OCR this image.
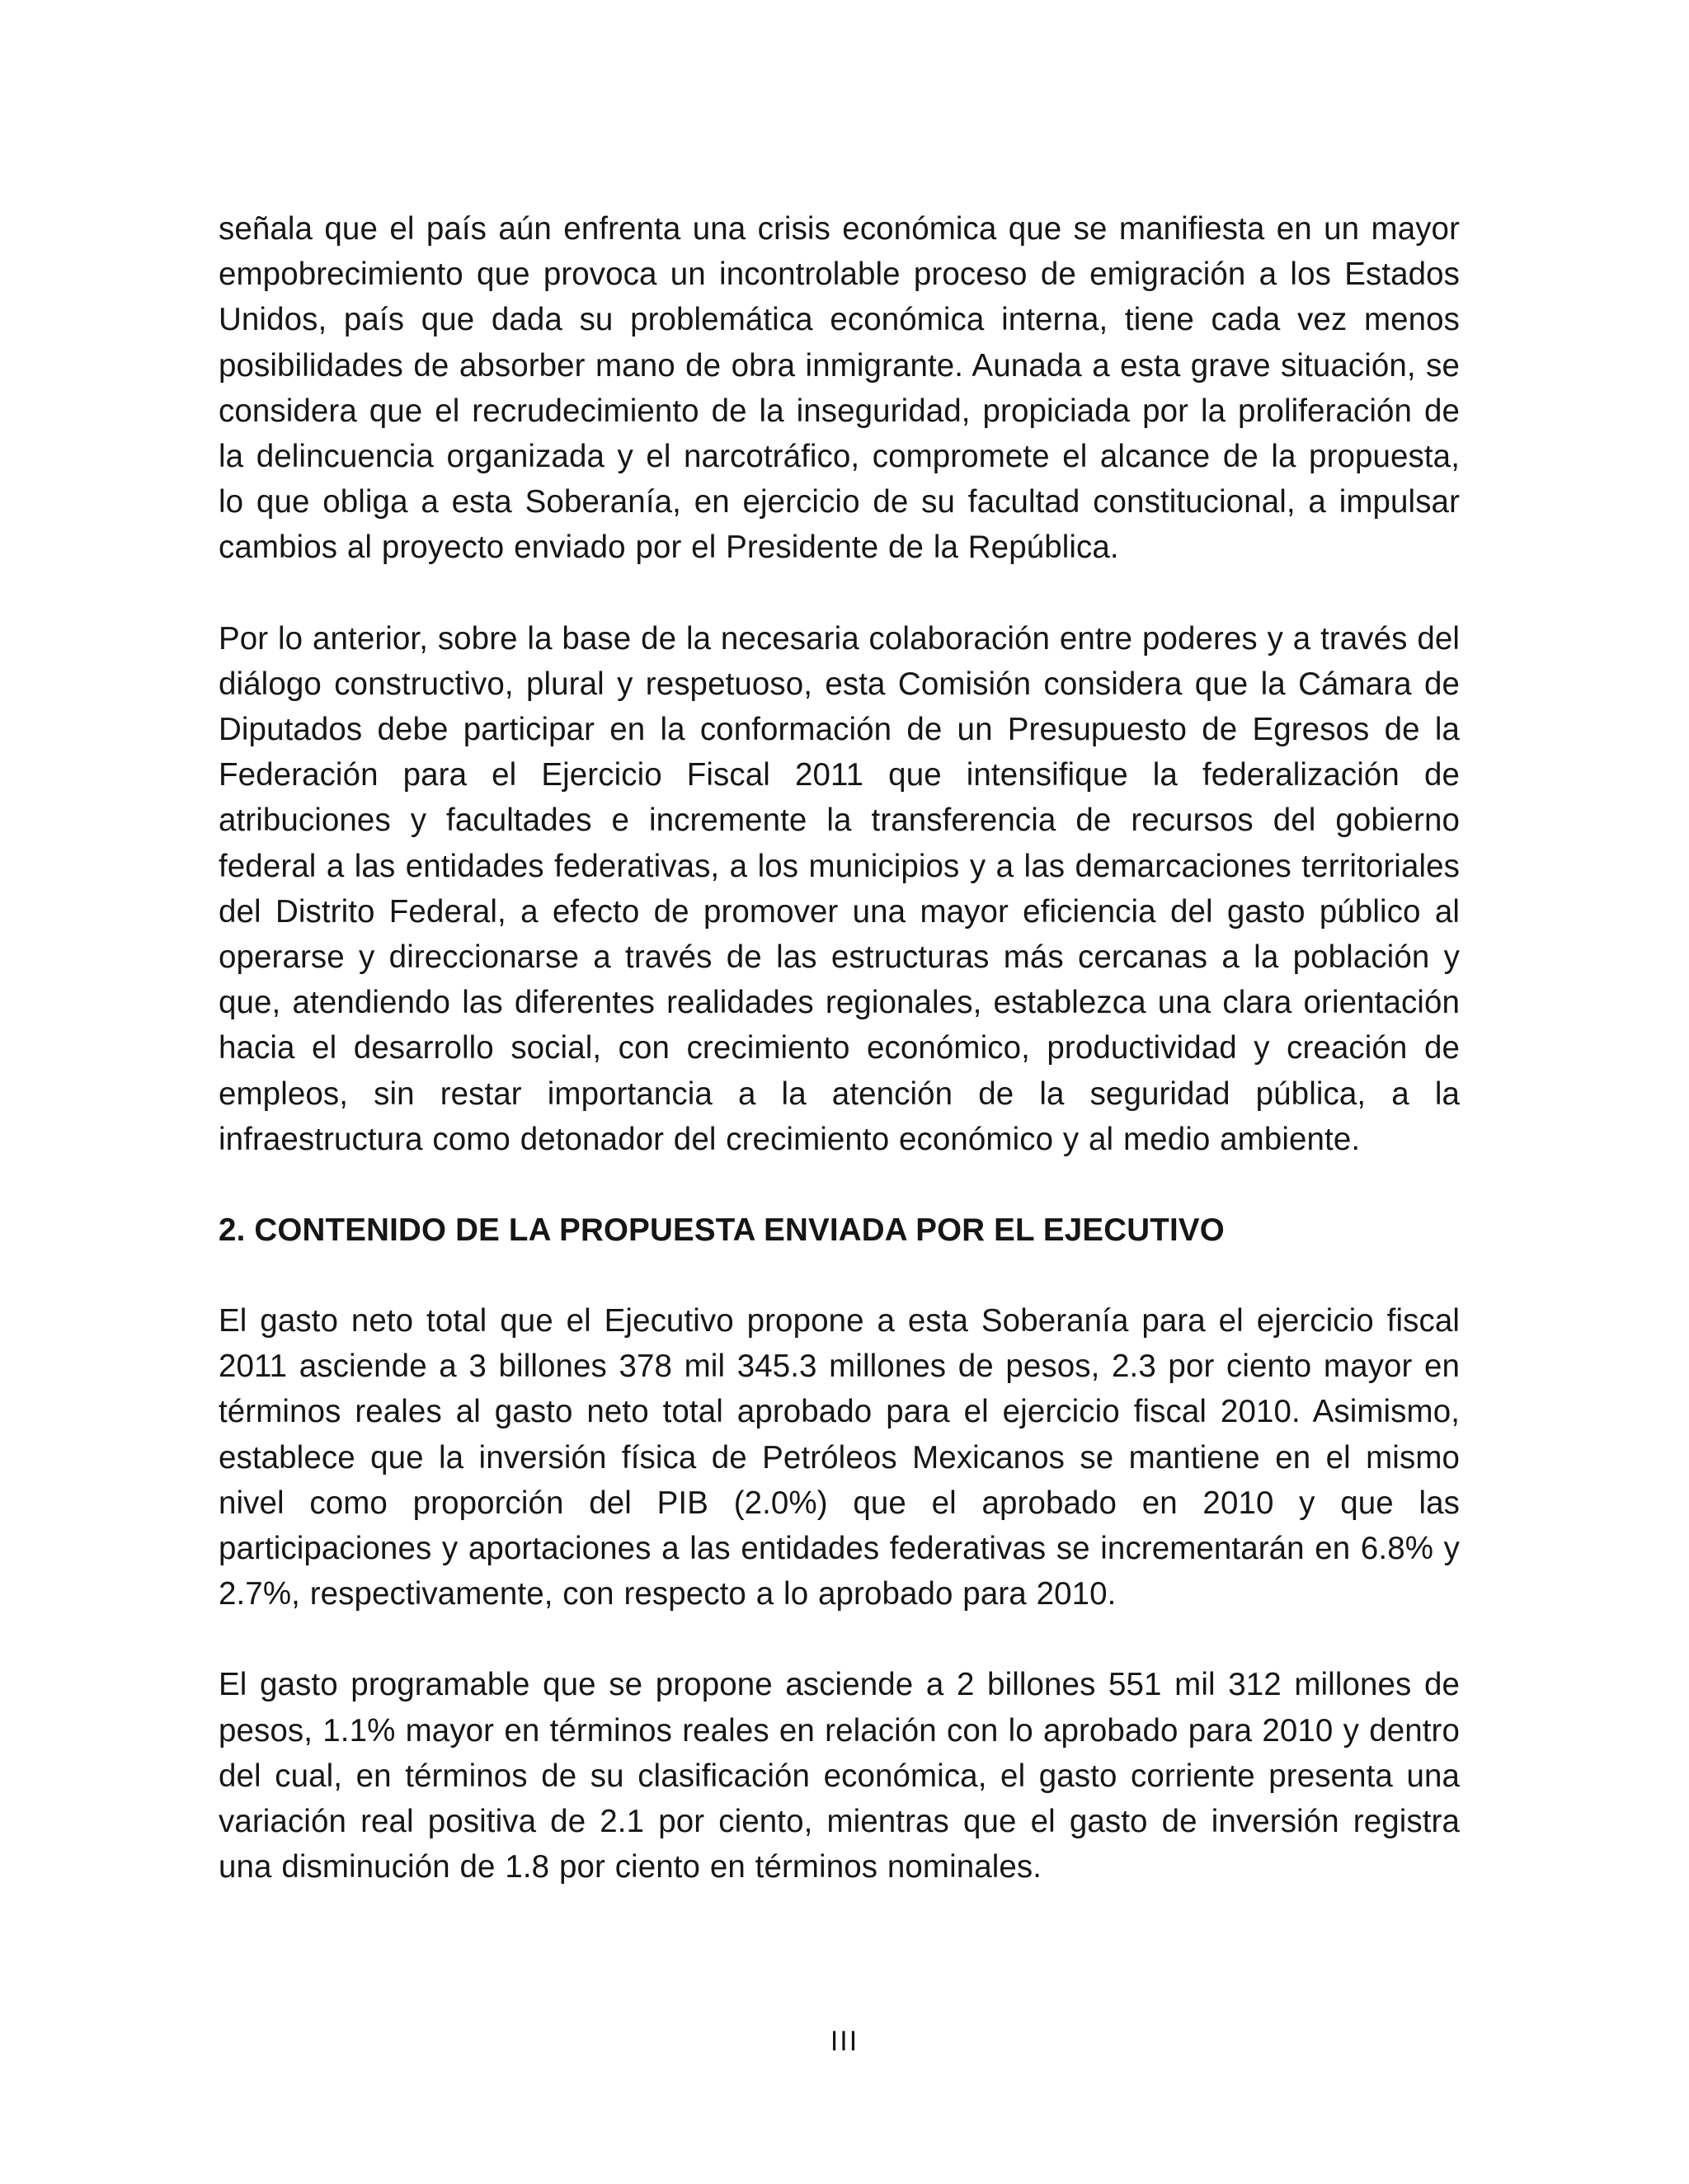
señala que el país aún enfrenta una crisis económica que se manifiesta en un mayor empobrecimiento que provoca un incontrolable proceso de emigración a los Estados Unidos, país que dada su problemática económica interna, tiene cada vez menos posibilidades de absorber mano de obra inmigrante. Aunada a esta grave situación, se considera que el recrudecimiento de la inseguridad, propiciada por la proliferación de la delincuencia organizada y el narcotráfico, compromete el alcance de la propuesta, lo que obliga a esta Soberanía, en ejercicio de su facultad constitucional, a impulsar cambios al proyecto enviado por el Presidente de la República.

Por lo anterior, sobre la base de la necesaria colaboración entre poderes y a través del diálogo constructivo, plural y respetuoso, esta Comisión considera que la Cámara de Diputados debe participar en la conformación de un Presupuesto de Egresos de la Federación para el Ejercicio Fiscal 2011 que intensifique la federalización de atribuciones y facultades e incremente la transferencia de recursos del gobierno federal a las entidades federativas, a los municipios y a las demarcaciones territoriales del Distrito Federal, a efecto de promover una mayor eficiencia del gasto público al operarse y direccionarse a través de las estructuras más cercanas a la población y que, atendiendo las diferentes realidades regionales, establezca una clara orientación hacia el desarrollo social, con crecimiento económico, productividad y creación de empleos, sin restar importancia a la atención de la seguridad pública, a la infraestructura como detonador del crecimiento económico y al medio ambiente.

2. CONTENIDO DE LA PROPUESTA ENVIADA POR EL EJECUTIVO

El gasto neto total que el Ejecutivo propone a esta Soberanía para el ejercicio fiscal 2011 asciende a 3 billones 378 mil 345.3 millones de pesos, 2.3 por ciento mayor en términos reales al gasto neto total aprobado para el ejercicio fiscal 2010. Asimismo, establece que la inversión física de Petróleos Mexicanos se mantiene en el mismo nivel como proporción del PIB (2.0%) que el aprobado en 2010 y que las participaciones y aportaciones a las entidades federativas se incrementarán en 6.8% y 2.7%, respectivamente, con respecto a lo aprobado para 2010.

El gasto programable que se propone asciende a 2 billones 551 mil 312 millones de pesos, 1.1% mayor en términos reales en relación con lo aprobado para 2010 y dentro del cual, en términos de su clasificación económica, el gasto corriente presenta una variación real positiva de 2.1 por ciento, mientras que el gasto de inversión registra una disminución de 1.8 por ciento en términos nominales.

III
